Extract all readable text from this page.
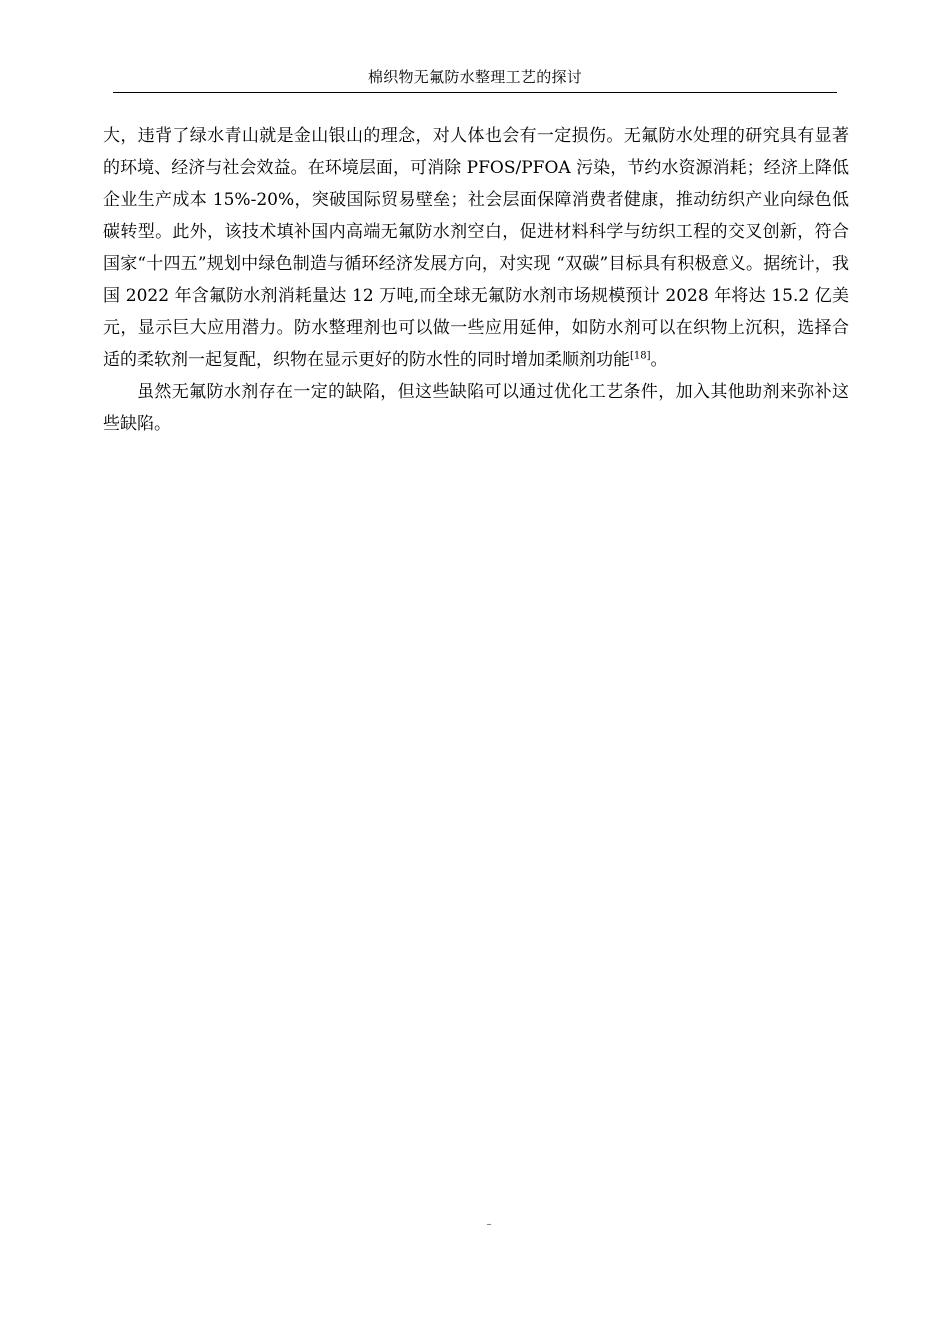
棉织物无氟防水整理工艺的探讨

大，违背了绿水青山就是金山银山的理念，对人体也会有一定损伤。无氟防水处理的研究具有显著的环境、经济与社会效益。在环境层面，可消除 PFOS/PFOA 污染，节约水资源消耗；经济上降低企业生产成本 15%-20%，突破国际贸易壁垒；社会层面保障消费者健康，推动纺织产业向绿色低碳转型。此外，该技术填补国内高端无氟防水剂空白，促进材料科学与纺织工程的交叉创新，符合国家“十四五”规划中绿色制造与循环经济发展方向，对实现 “双碳”目标具有积极意义。据统计，我国 2022 年含氟防水剂消耗量达 12 万吨,而全球无氟防水剂市场规模预计 2028 年将达 15.2 亿美元，显示巨大应用潜力。防水整理剂也可以做一些应用延伸，如防水剂可以在织物上沉积，选择合适的柔软剂一起复配，织物在显示更好的防水性的同时增加柔顺剂功能[18]。

虽然无氟防水剂存在一定的缺陷，但这些缺陷可以通过优化工艺条件，加入其他助剂来弥补这些缺陷。

–
